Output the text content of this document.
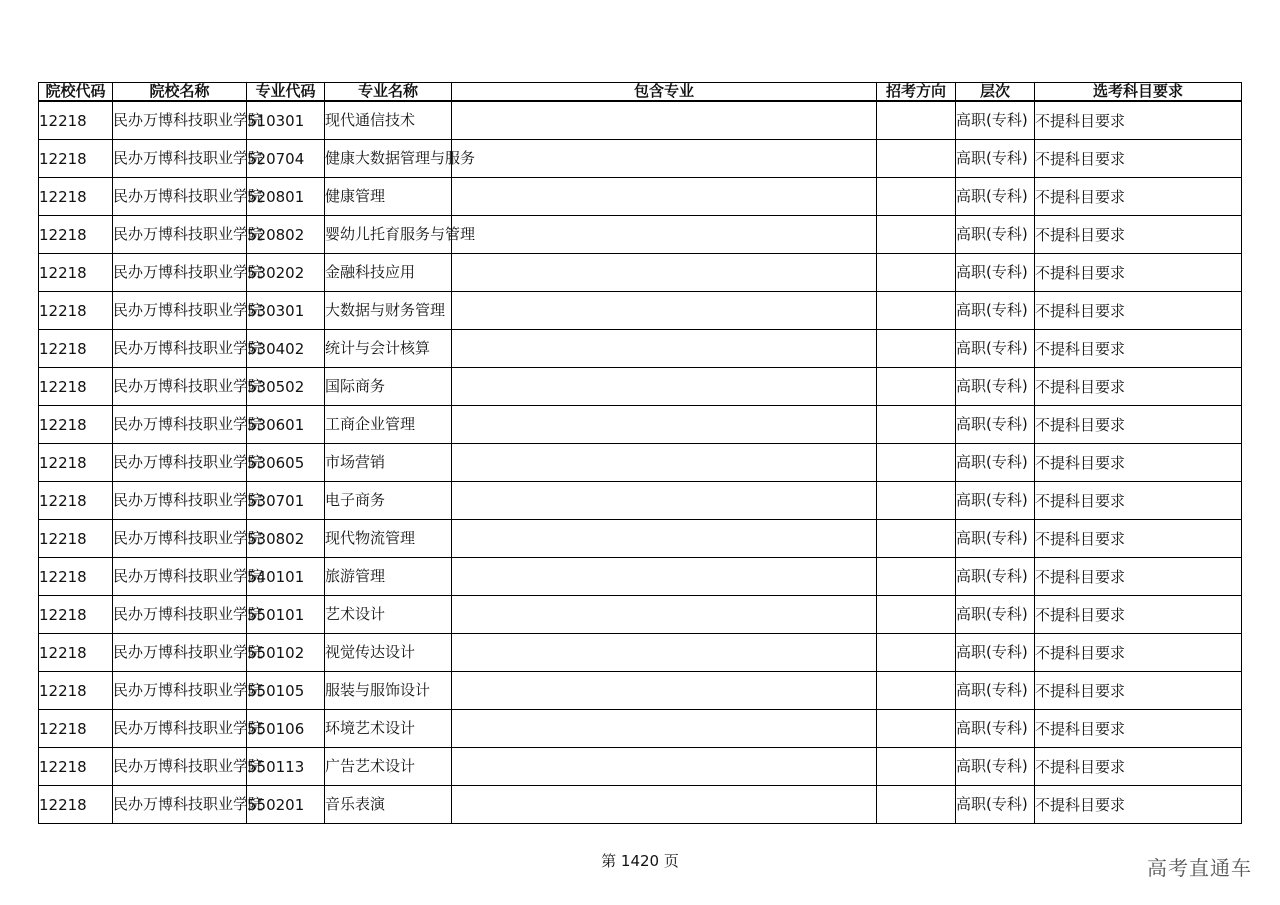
院校代码	院校名称	专业代码	专业名称	包含专业	招考方向	层次	选考科目要求
12218	民办万博科技职业学院	510301	现代通信技术			高职(专科)	不提科目要求
12218	民办万博科技职业学院	520704	健康大数据管理与服务			高职(专科)	不提科目要求
12218	民办万博科技职业学院	520801	健康管理			高职(专科)	不提科目要求
12218	民办万博科技职业学院	520802	婴幼儿托育服务与管理			高职(专科)	不提科目要求
12218	民办万博科技职业学院	530202	金融科技应用			高职(专科)	不提科目要求
12218	民办万博科技职业学院	530301	大数据与财务管理			高职(专科)	不提科目要求
12218	民办万博科技职业学院	530402	统计与会计核算			高职(专科)	不提科目要求
12218	民办万博科技职业学院	530502	国际商务			高职(专科)	不提科目要求
12218	民办万博科技职业学院	530601	工商企业管理			高职(专科)	不提科目要求
12218	民办万博科技职业学院	530605	市场营销			高职(专科)	不提科目要求
12218	民办万博科技职业学院	530701	电子商务			高职(专科)	不提科目要求
12218	民办万博科技职业学院	530802	现代物流管理			高职(专科)	不提科目要求
12218	民办万博科技职业学院	540101	旅游管理			高职(专科)	不提科目要求
12218	民办万博科技职业学院	550101	艺术设计			高职(专科)	不提科目要求
12218	民办万博科技职业学院	550102	视觉传达设计			高职(专科)	不提科目要求
12218	民办万博科技职业学院	550105	服装与服饰设计			高职(专科)	不提科目要求
12218	民办万博科技职业学院	550106	环境艺术设计			高职(专科)	不提科目要求
12218	民办万博科技职业学院	550113	广告艺术设计			高职(专科)	不提科目要求
12218	民办万博科技职业学院	550201	音乐表演			高职(专科)	不提科目要求
第 1420 页	高考直通车
